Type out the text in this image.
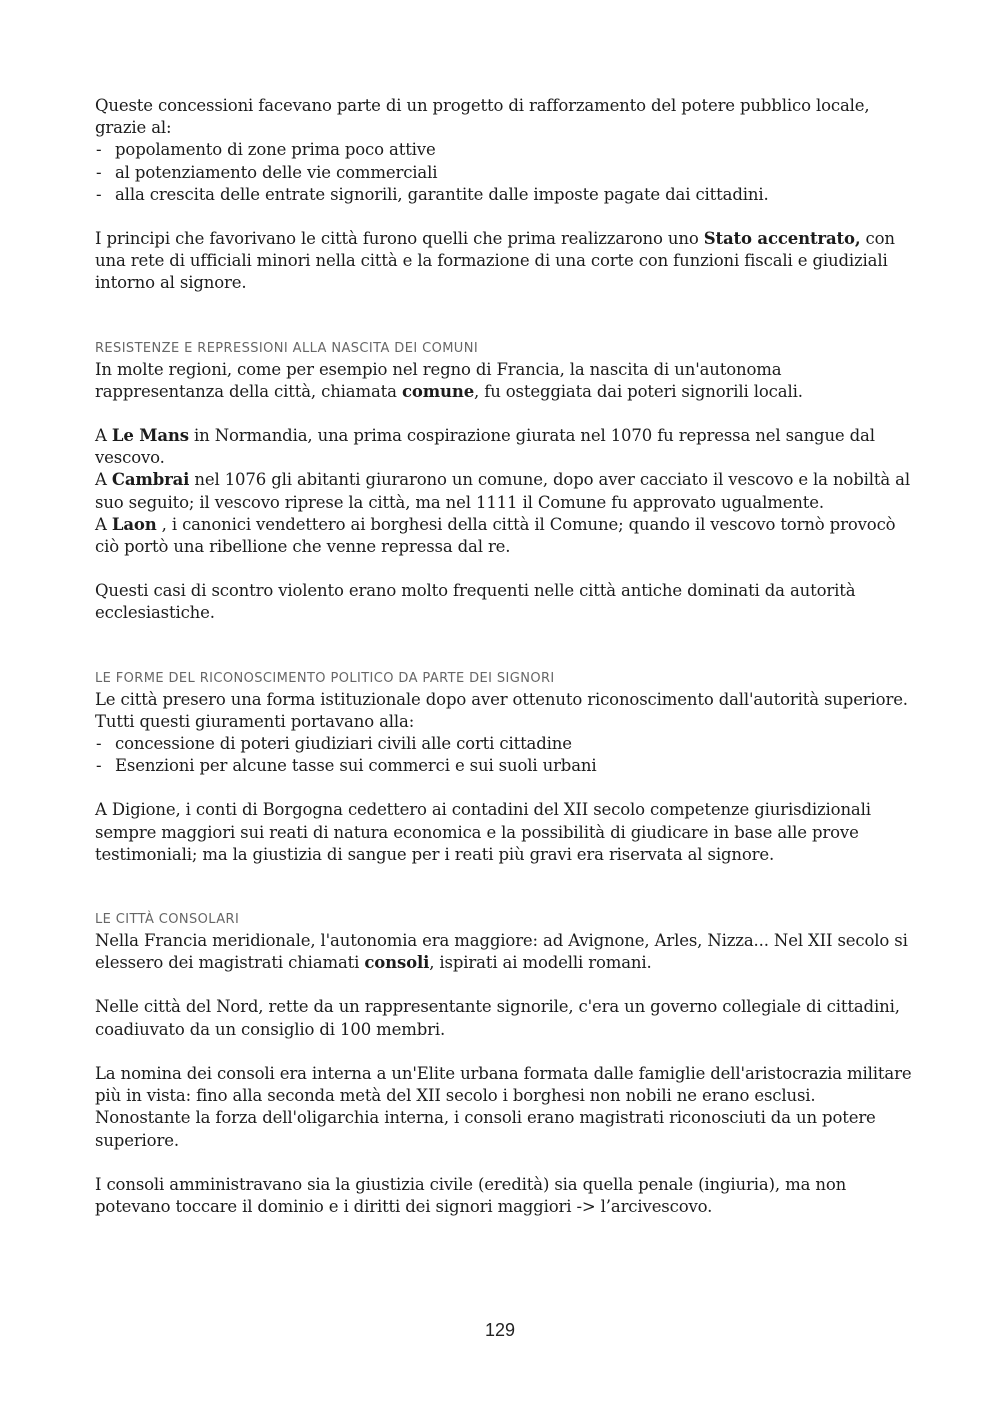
Queste concessioni facevano parte di un progetto di rafforzamento del potere pubblico locale, grazie al:

- popolamento di zone prima poco attive
- al potenziamento delle vie commerciali
- alla crescita delle entrate signorili, garantite dalle imposte pagate dai cittadini.

I principi che favorivano le città furono quelli che prima realizzarono uno Stato accentrato, con una rete di ufficiali minori nella città e la formazione di una corte con funzioni fiscali e giudiziali intorno al signore.

RESISTENZE E REPRESSIONI ALLA NASCITA DEI COMUNI

In molte regioni, come per esempio nel regno di Francia, la nascita di un'autonoma rappresentanza della città, chiamata comune, fu osteggiata dai poteri signorili locali.

A Le Mans in Normandia, una prima cospirazione giurata nel 1070 fu repressa nel sangue dal vescovo.

A Cambrai nel 1076 gli abitanti giurarono un comune, dopo aver cacciato il vescovo e la nobiltà al suo seguito; il vescovo riprese la città, ma nel 1111 il Comune fu approvato ugualmente.

A Laon , i canonici vendettero ai borghesi della città il Comune; quando il vescovo tornò provocò ciò portò una ribellione che venne repressa dal re.

Questi casi di scontro violento erano molto frequenti nelle città antiche dominati da autorità ecclesiastiche.

LE FORME DEL RICONOSCIMENTO POLITICO DA PARTE DEI SIGNORI

Le città presero una forma istituzionale dopo aver ottenuto riconoscimento dall'autorità superiore. Tutti questi giuramenti portavano alla:

- concessione di poteri giudiziari civili alle corti cittadine
- Esenzioni per alcune tasse sui commerci e sui suoli urbani

A Digione, i conti di Borgogna cedettero ai contadini del XII secolo competenze giurisdizionali sempre maggiori sui reati di natura economica e la possibilità di giudicare in base alle prove testimoniali; ma la giustizia di sangue per i reati più gravi era riservata al signore.

LE CITTÀ CONSOLARI

Nella Francia meridionale, l'autonomia era maggiore: ad Avignone, Arles, Nizza... Nel XII secolo si elessero dei magistrati chiamati consoli, ispirati ai modelli romani.

Nelle città del Nord, rette da un rappresentante signorile, c'era un governo collegiale di cittadini, coadiuvato da un consiglio di 100 membri.

La nomina dei consoli era interna a un'Elite urbana formata dalle famiglie dell'aristocrazia militare più in vista: fino alla seconda metà del XII secolo i borghesi non nobili ne erano esclusi.

Nonostante la forza dell'oligarchia interna, i consoli erano magistrati riconosciuti da un potere superiore.

I consoli amministravano sia la giustizia civile (eredità) sia quella penale (ingiuria), ma non potevano toccare il dominio e i diritti dei signori maggiori -> l’arcivescovo.

129
